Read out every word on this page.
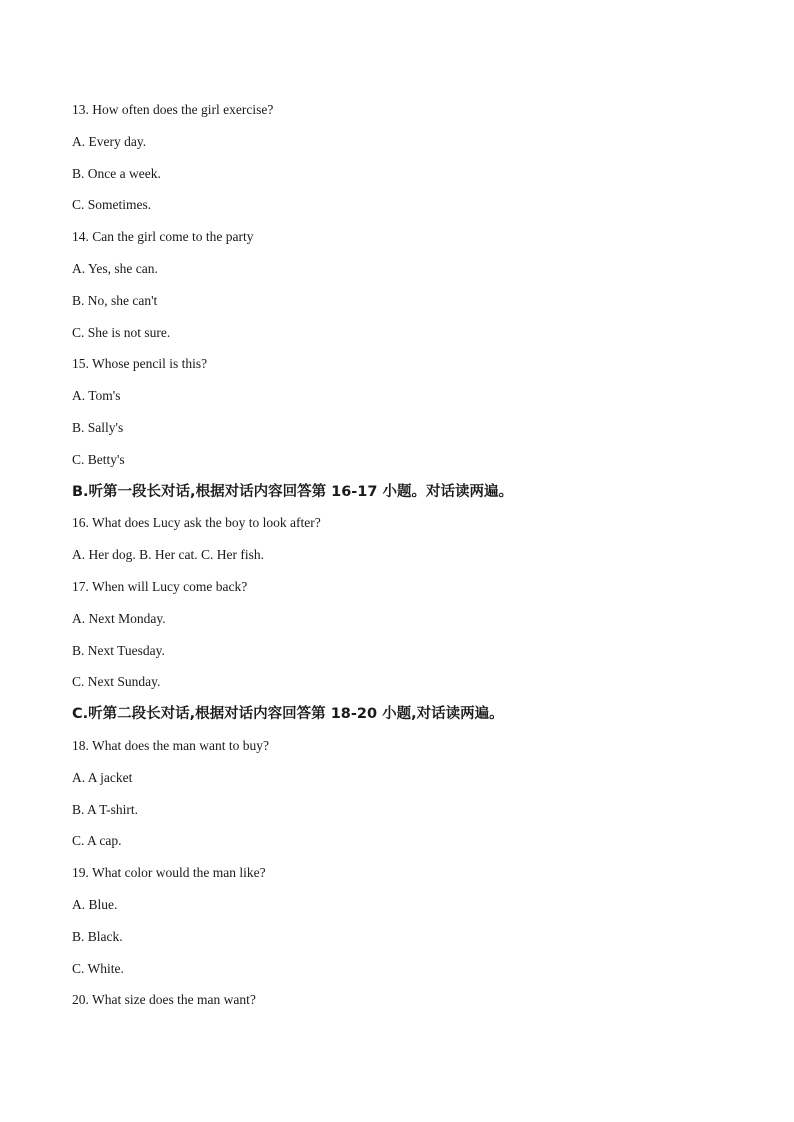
13. How often does the girl exercise?
A. Every day.
B. Once a week.
C. Sometimes.
14. Can the girl come to the party
A. Yes, she can.
B. No, she can't
C. She is not sure.
15. Whose pencil is this?
A. Tom's
B. Sally's
C. Betty's
B.听第一段长对话,根据对话内容回答第 16-17 小题。对话读两遍。
16. What does Lucy ask the boy to look after?
A. Her dog. B. Her cat. C. Her fish.
17. When will Lucy come back?
A. Next Monday.
B. Next Tuesday.
C. Next Sunday.
C.听第二段长对话,根据对话内容回答第 18-20 小题,对话读两遍。
18. What does the man want to buy?
A. A jacket
B. A T-shirt.
C. A cap.
19. What color would the man like?
A. Blue.
B. Black.
C. White.
20. What size does the man want?
